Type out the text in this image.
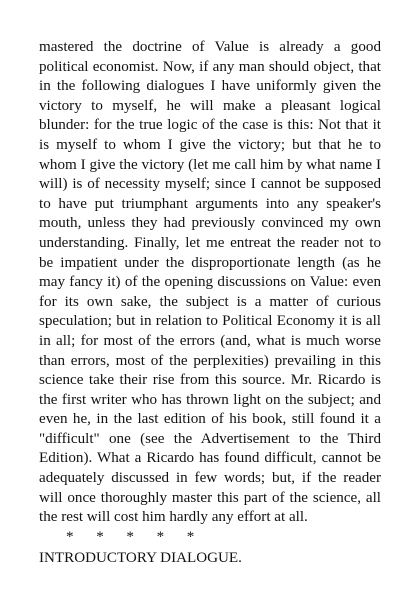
mastered the doctrine of Value is already a good political economist. Now, if any man should object, that in the following dialogues I have uniformly given the victory to myself, he will make a pleasant logical blunder: for the true logic of the case is this: Not that it is myself to whom I give the victory; but that he to whom I give the victory (let me call him by what name I will) is of necessity myself; since I cannot be supposed to have put triumphant arguments into any speaker's mouth, unless they had previously convinced my own understanding. Finally, let me entreat the reader not to be impatient under the disproportionate length (as he may fancy it) of the opening discussions on Value: even for its own sake, the subject is a matter of curious speculation; but in relation to Political Economy it is all in all; for most of the errors (and, what is much worse than errors, most of the perplexities) prevailing in this science take their rise from this source. Mr. Ricardo is the first writer who has thrown light on the subject; and even he, in the last edition of his book, still found it a "difficult" one (see the Advertisement to the Third Edition). What a Ricardo has found difficult, cannot be adequately discussed in few words; but, if the reader will once thoroughly master this part of the science, all the rest will cost him hardly any effort at all.

*      *      *      *      *

INTRODUCTORY DIALOGUE.
